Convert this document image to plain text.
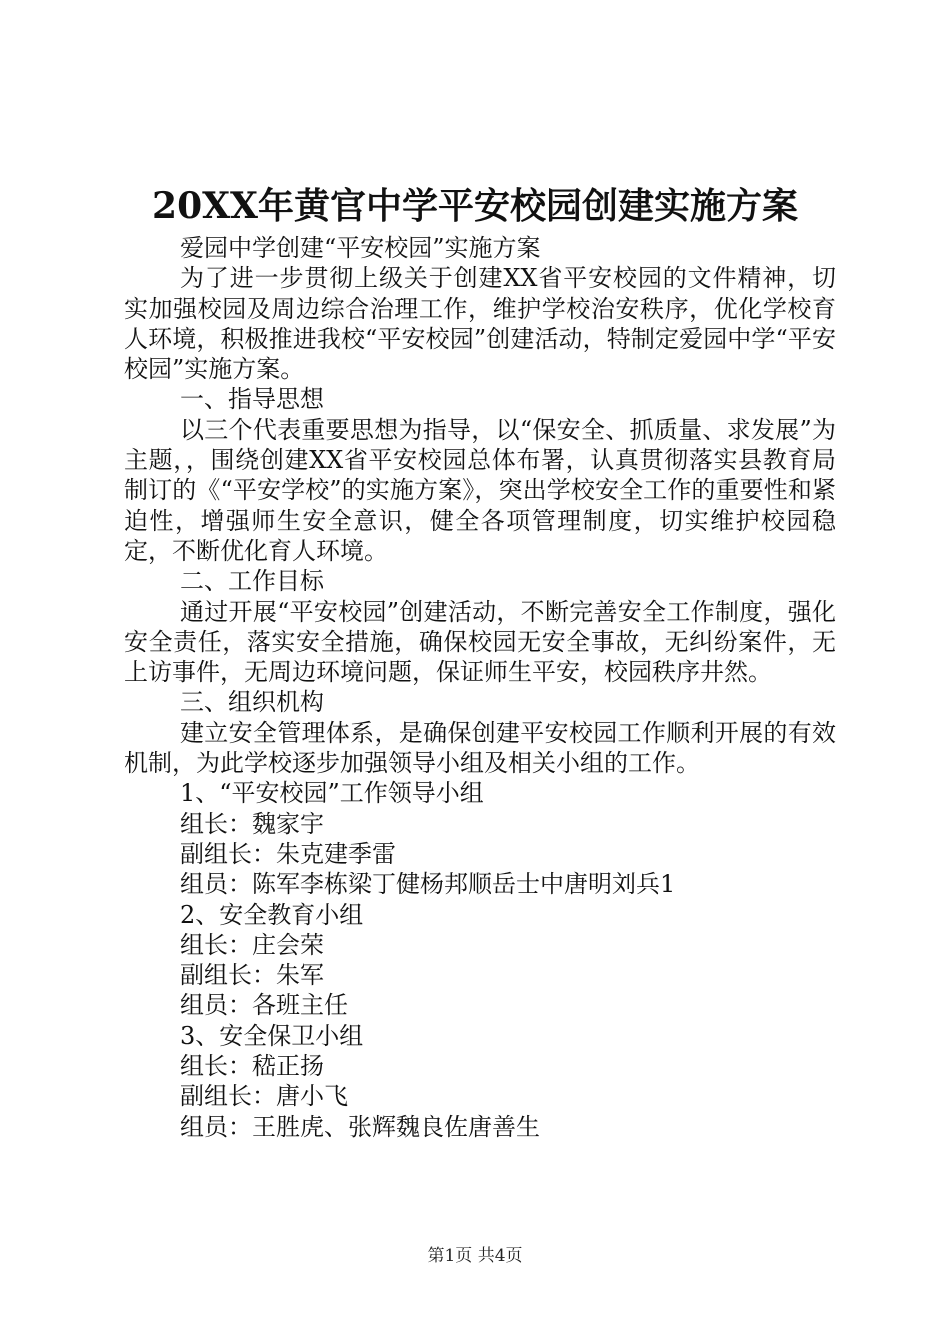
20XX年黄官中学平安校园创建实施方案

爱园中学创建“平安校园”实施方案

为了进一步贯彻上级关于创建XX省平安校园的文件精神，切实加强校园及周边综合治理工作，维护学校治安秩序，优化学校育人环境，积极推进我校“平安校园”创建活动，特制定爱园中学“平安校园”实施方案。

一、指导思想

以三个代表重要思想为指导，以“保安全、抓质量、求发展”为主题，，围绕创建XX省平安校园总体布署，认真贯彻落实县教育局制订的《“平安学校”的实施方案》，突出学校安全工作的重要性和紧迫性，增强师生安全意识，健全各项管理制度，切实维护校园稳定，不断优化育人环境。

二、工作目标

通过开展“平安校园”创建活动，不断完善安全工作制度，强化安全责任，落实安全措施，确保校园无安全事故，无纠纷案件，无上访事件，无周边环境问题，保证师生平安，校园秩序井然。

三、组织机构

建立安全管理体系，是确保创建平安校园工作顺利开展的有效机制，为此学校逐步加强领导小组及相关小组的工作。

1、“平安校园”工作领导小组

组长：魏家宇

副组长：朱克建季雷

组员：陈军李栋梁丁健杨邦顺岳士中唐明刘兵1

2、安全教育小组

组长：庄会荣

副组长：朱军

组员：各班主任

3、安全保卫小组

组长：嵇正扬

副组长：唐小飞

组员：王胜虎、张辉魏良佐唐善生

第1页 共4页
